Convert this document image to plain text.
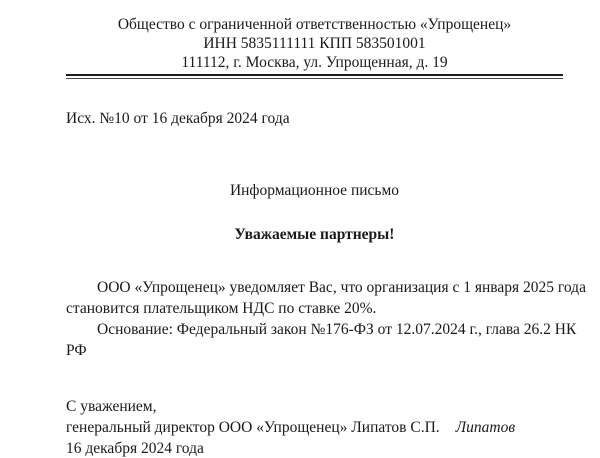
Общество с ограниченной ответственностью «Упрощенец»
ИНН 5835111111 КПП 583501001
111112, г. Москва, ул. Упрощенная, д. 19
Исх. №10 от 16 декабря 2024 года
Информационное письмо
Уважаемые партнеры!
ООО «Упрощенец» уведомляет Вас, что организация с 1 января 2025 года
становится плательщиком НДС по ставке 20%.
Основание: Федеральный закон №176-ФЗ от 12.07.2024 г., глава 26.2 НК
РФ
С уважением,
генеральный директор ООО «Упрощенец» Липатов С.П. Липатов
16 декабря 2024 года
